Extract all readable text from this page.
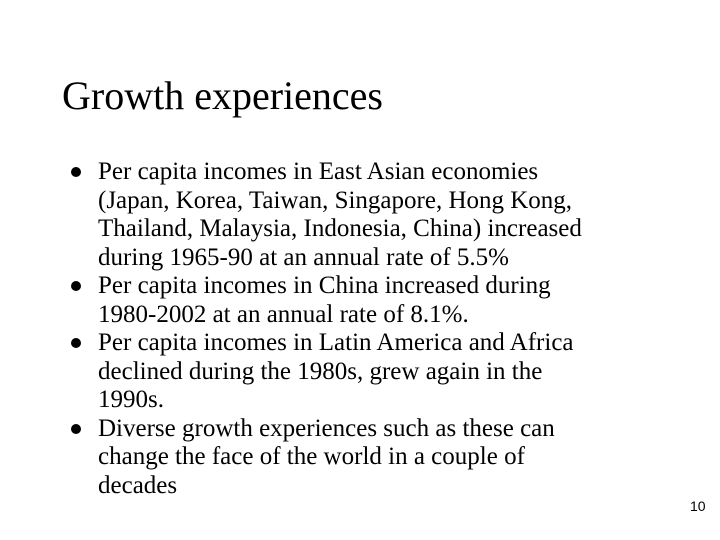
Growth experiences
Per capita incomes in East Asian economies
(Japan, Korea, Taiwan, Singapore, Hong Kong,
Thailand, Malaysia, Indonesia, China) increased
during 1965-90 at an annual rate of 5.5%
Per capita incomes in China increased during
1980-2002 at an annual rate of 8.1%.
Per capita incomes in Latin America and Africa
declined during the 1980s, grew again in the
1990s.
Diverse growth experiences such as these can
change the face of the world in a couple of
decades
10
